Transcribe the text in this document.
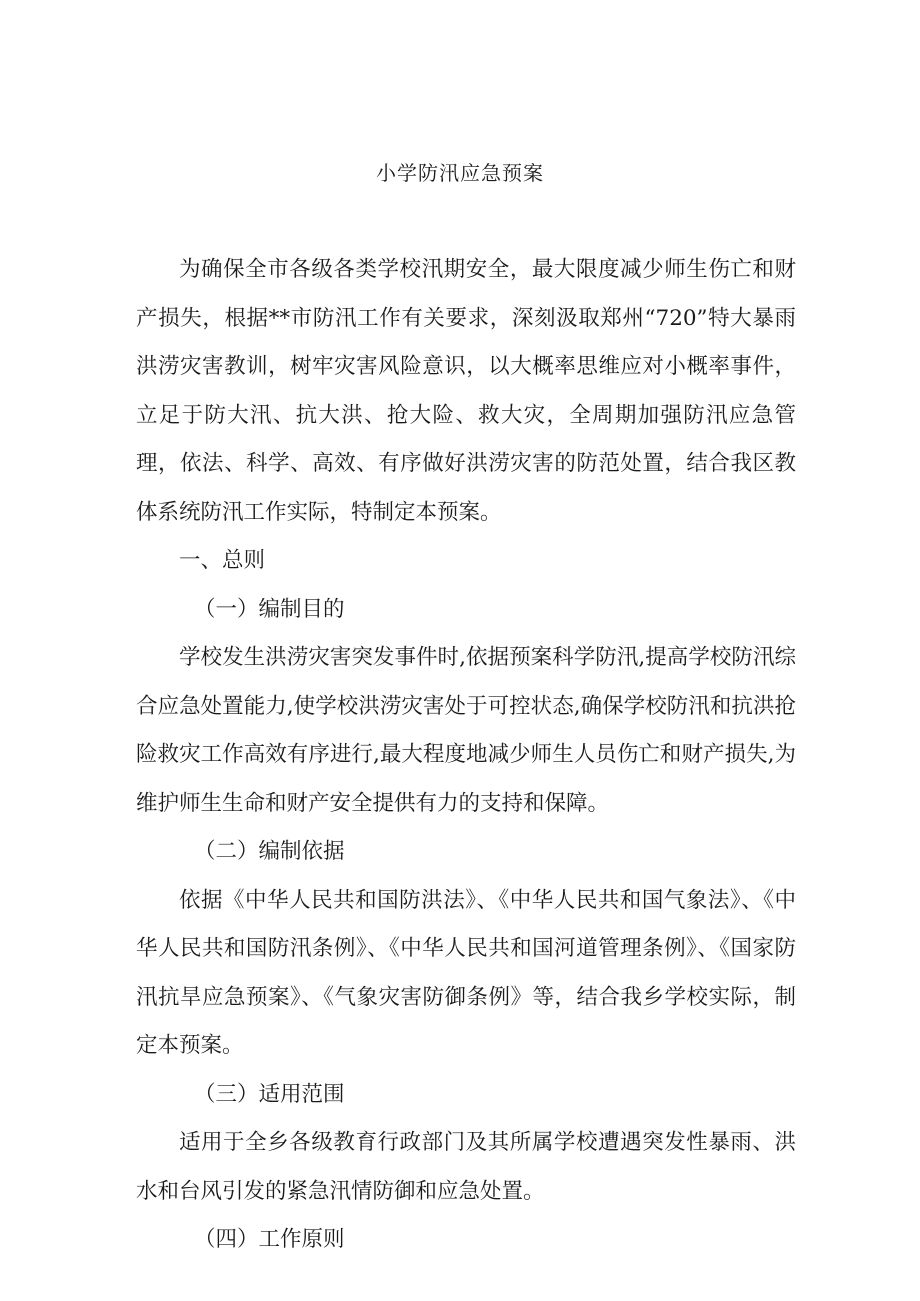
小学防汛应急预案

为确保全市各级各类学校汛期安全，最大限度减少师生伤亡和财产损失，根据**市防汛工作有关要求，深刻汲取郑州“720”特大暴雨洪涝灾害教训，树牢灾害风险意识，以大概率思维应对小概率事件，立足于防大汛、抗大洪、抢大险、救大灾，全周期加强防汛应急管理，依法、科学、高效、有序做好洪涝灾害的防范处置，结合我区教体系统防汛工作实际，特制定本预案。

一、总则

（一）编制目的

学校发生洪涝灾害突发事件时,依据预案科学防汛,提高学校防汛综合应急处置能力,使学校洪涝灾害处于可控状态,确保学校防汛和抗洪抢险救灾工作高效有序进行,最大程度地减少师生人员伤亡和财产损失,为维护师生生命和财产安全提供有力的支持和保障。

（二）编制依据

依据《中华人民共和国防洪法》、《中华人民共和国气象法》、《中华人民共和国防汛条例》、《中华人民共和国河道管理条例》、《国家防汛抗旱应急预案》、《气象灾害防御条例》等，结合我乡学校实际，制定本预案。

（三）适用范围

适用于全乡各级教育行政部门及其所属学校遭遇突发性暴雨、洪水和台风引发的紧急汛情防御和应急处置。

（四）工作原则
